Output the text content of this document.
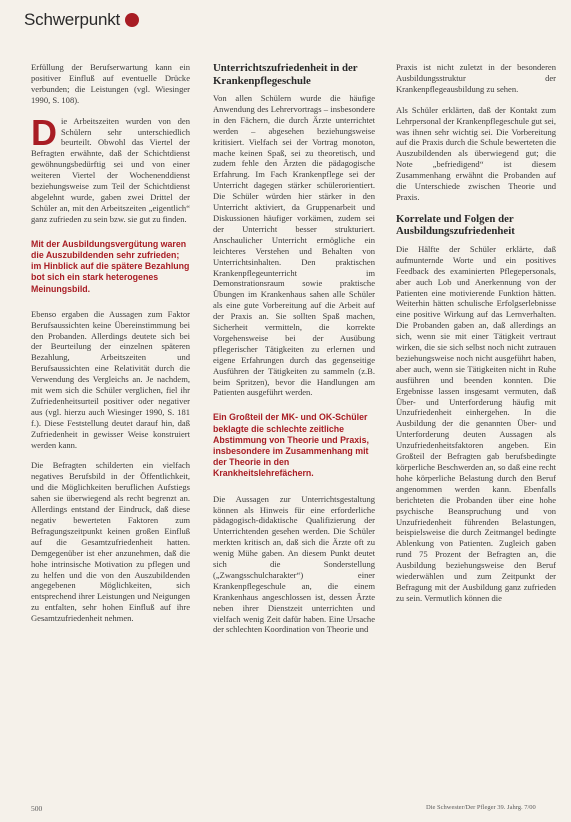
Schwerpunkt

Erfüllung der Berufserwartung kann ein positiver Einfluß auf eventuelle Drücke verbunden; die Leistungen (vgl. Wiesinger 1990, S. 108).

D ie Arbeitszeiten wurden von den Schülern sehr unterschiedlich beurteilt. Obwohl das Viertel der Befragten erwähnte, daß der Schichtdienst gewöhnungsbedürftig sei und von einer weiteren Viertel der Wochenenddienst beziehungsweise zum Teil der Schichtdienst abgelehnt wurde, gaben zwei Drittel der Schüler an, mit den Arbeitszeiten „eigentlich“ ganz zufrieden zu sein bzw. sie gut zu finden.

Mit der Ausbildungsvergütung waren die Auszubildenden sehr zufrieden; im Hinblick auf die spätere Bezahlung bot sich ein stark heterogenes Meinungsbild.

Ebenso ergaben die Aussagen zum Faktor Berufsaussichten keine Übereinstimmung bei den Probanden. Allerdings deutete sich bei der Beurteilung der einzelnen späteren Bezahlung, Arbeitszeiten und Berufsaussichten eine Relativität durch die Verwendung des Vergleichs an. Je nachdem, mit wem sich die Schüler verglichen, fiel ihr Zufriedenheitsurteil positiver oder negativer aus (vgl. hierzu auch Wiesinger 1990, S. 181 f.). Diese Feststellung deutet darauf hin, daß Zufriedenheit in gewisser Weise konstruiert werden kann.

Die Befragten schilderten ein vielfach negatives Berufsbild in der Öffentlichkeit, und die Möglichkeiten beruflichen Aufstiegs sahen sie überwiegend als recht begrenzt an. Allerdings entstand der Eindruck, daß diese negativ bewerteten Faktoren zum Befragungszeitpunkt keinen großen Einfluß auf die Gesamtzufriedenheit hatten. Demgegenüber ist eher anzunehmen, daß die hohe intrinsische Motivation zu pflegen und zu helfen und die von den Auszubildenden angegebenen Möglichkeiten, sich entsprechend ihrer Leistungen und Neigungen zu entfalten, sehr hohen Einfluß auf ihre Gesamtzufriedenheit nehmen.

Unterrichtszufriedenheit in der Krankenpflegeschule

Von allen Schülern wurde die häufige Anwendung des Lehrervortrags – insbesondere in den Fächern, die durch Ärzte unterrichtet werden – abgesehen beziehungsweise kritisiert. Vielfach sei der Vortrag monoton, mache keinen Spaß, sei zu theoretisch, und zudem fehle den Ärzten die pädagogische Erfahrung. Im Fach Krankenpflege sei der Unterricht dagegen stärker schülerorientiert. Die Schüler würden hier stärker in den Unterricht aktiviert, da Gruppenarbeit und Diskussionen häufiger vorkämen, zudem sei der Unterricht besser strukturiert. Anschaulicher Unterricht ermögliche ein leichteres Verstehen und Behalten von Unterrichtsinhalten. Den praktischen Krankenpflegeunterricht im Demonstrationsraum sowie praktische Übungen im Krankenhaus sahen alle Schüler als eine gute Vorbereitung auf die Arbeit auf der Praxis an. Sie sollten Spaß machen, Sicherheit vermitteln, die korrekte Vorgehensweise bei der Ausübung pflegerischer Tätigkeiten zu erlernen und eigene Erfahrungen durch das gegenseitige Ausführen der Tätigkeiten zu sammeln (z.B. beim Spritzen), bevor die Handlungen am Patienten ausgeführt werden.

Ein Großteil der MK- und OK-Schüler beklagte die schlechte zeitliche Abstimmung von Theorie und Praxis, insbesondere im Zusammenhang mit der Theorie in den Krankheitslehrefächern.

Die Aussagen zur Unterrichtsgestaltung können als Hinweis für eine erforderliche pädagogisch-didaktische Qualifizierung der Unterrichtenden gesehen werden. Die Schüler merkten kritisch an, daß sich die Ärzte oft zu wenig Mühe gaben. An diesem Punkt deutet sich die Sonderstellung („Zwangsschulcharakter“) einer Krankenpflegeschule an, die einem Krankenhaus angeschlossen ist, dessen Ärzte neben ihrer Dienstzeit unterrichten und vielfach wenig Zeit dafür haben. Eine Ursache der schlechten Koordination von Theorie und

Praxis ist nicht zuletzt in der besonderen Ausbildungsstruktur der Krankenpflegeausbildung zu sehen.

Als Schüler erklärten, daß der Kontakt zum Lehrpersonal der Krankenpflegeschule gut sei, was ihnen sehr wichtig sei. Die Vorbereitung auf die Praxis durch die Schule bewerteten die Auszubildenden als überwiegend gut; die Note „befriedigend“ ist diesem Zusammenhang erwähnt die Probanden auf die Unterschiede zwischen Theorie und Praxis.

Korrelate und Folgen der Ausbildungszufriedenheit

Die Hälfte der Schüler erklärte, daß aufmunternde Worte und ein positives Feedback des examinierten Pflegepersonals, aber auch Lob und Anerkennung von der Patienten eine motivierende Funktion hätten. Weiterhin hätten schulische Erfolgserlebnisse eine positive Wirkung auf das Lernverhalten. Die Probanden gaben an, daß allerdings an sich, wenn sie mit einer Tätigkeit vertraut wirken, die sie sich selbst noch nicht zutrauen beziehungsweise noch nicht ausgeführt haben, aber auch, wenn sie Tätigkeiten nicht in Ruhe ausführen und beenden konnten. Die Ergebnisse lassen insgesamt vermuten, daß Über- und Unterforderung häufig mit Unzufriedenheit einhergehen. In die Ausbildung der die genannten Über- und Unterforderung deuten Aussagen als Unzufriedenheitsfaktoren angeben. Ein Großteil der Befragten gab berufsbedingte körperliche Beschwerden an, so daß eine recht hohe körperliche Belastung durch den Beruf angenommen werden kann. Ebenfalls berichteten die Probanden über eine hohe psychische Beanspruchung und von Unzufriedenheit führenden Belastungen, beispielsweise die durch Zeitmangel bedingte Ablenkung von Patienten. Zugleich gaben rund 75 Prozent der Befragten an, die Ausbildung beziehungsweise den Beruf wiederwählen und zum Zeitpunkt der Befragung mit der Ausbildung ganz zufrieden zu sein. Vermutlich können die

500	Die Schwester/Der Pfleger 39. Jahrg. 7/00
